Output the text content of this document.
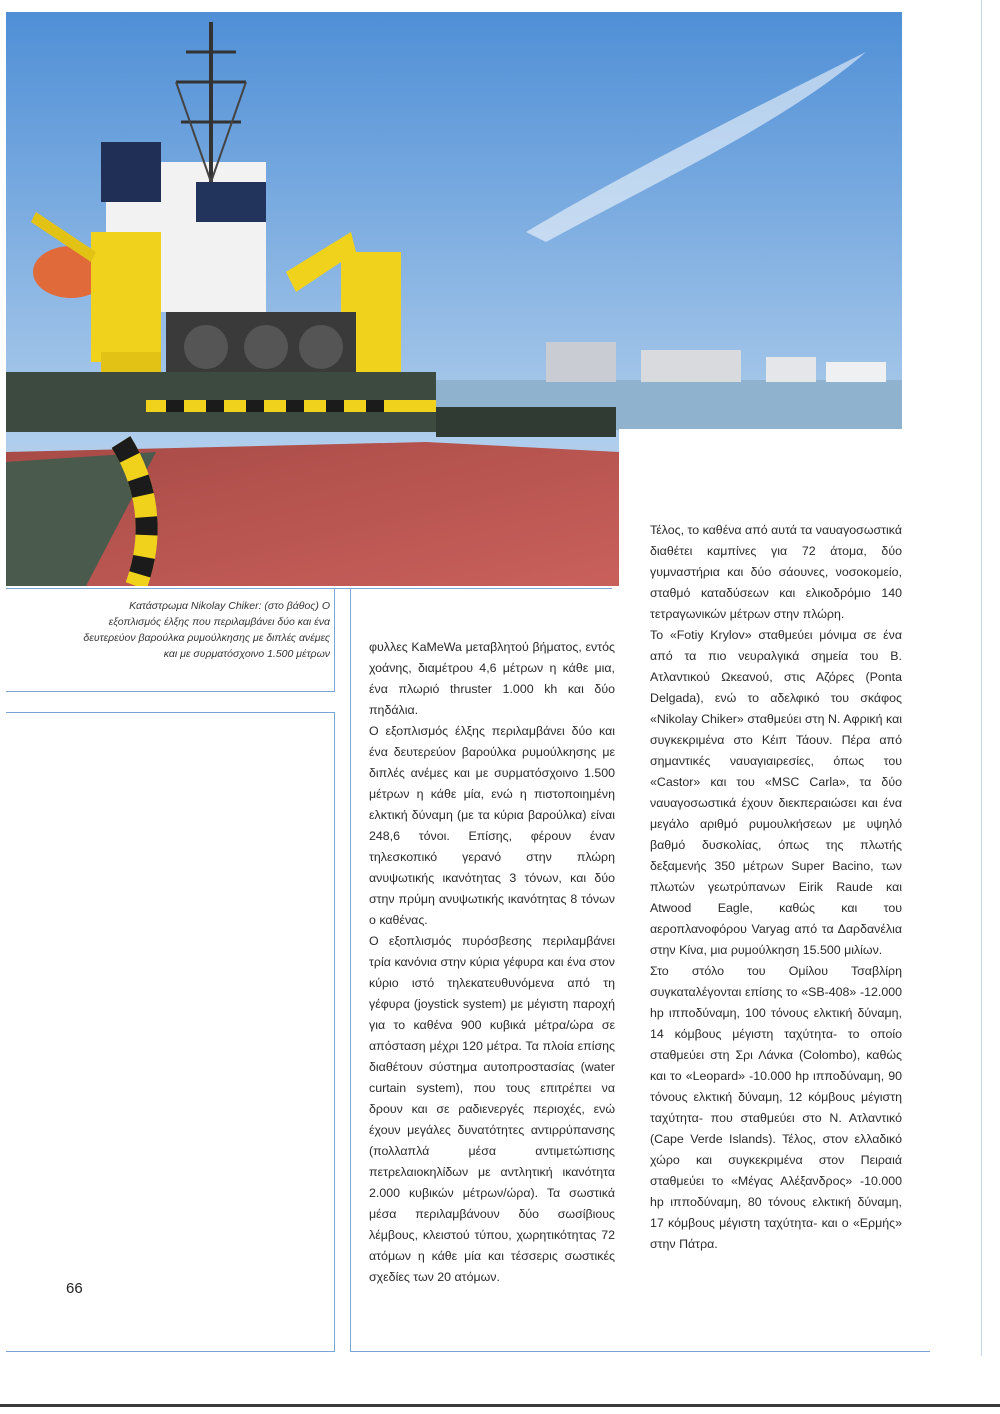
Κατάστρωμα Nikolay Chiker: (στο βάθος) Ο εξοπλισμός έλξης που περιλαμβάνει δύο και ένα δευτερεύον βαρούλκα ρυμούλκησης με διπλές ανέμες και με συρματόσχοινο 1.500 μέτρων	φυλλες KaMeWa μεταβλητού βήματος, εντός χοάνης, διαμέτρου 4,6 μέτρων η κάθε μια, ένα πλωριό thruster 1.000 kh και δύο πηδάλια.

Ο εξοπλισμός έλξης περιλαμβάνει δύο και ένα δευτερεύον βαρούλκα ρυμούλκησης με διπλές ανέμες και με συρματόσχοινο 1.500 μέτρων η κάθε μία, ενώ η πιστοποιημένη ελκτική δύναμη (με τα κύρια βαρούλκα) είναι 248,6 τόνοι. Επίσης, φέρουν έναν τηλεσκοπικό γερανό στην πλώρη ανυψωτικής ικανότητας 3 τόνων, και δύο στην πρύμη ανυψωτικής ικανότητας 8 τόνων ο καθένας.

Ο εξοπλισμός πυρόσβεσης περιλαμβάνει τρία κανόνια στην κύρια γέφυρα και ένα στον κύριο ιστό τηλεκατευθυνόμενα από τη γέφυρα (joystick system) με μέγιστη παροχή για το καθένα 900 κυβικά μέτρα/ώρα σε απόσταση μέχρι 120 μέτρα. Τα πλοία επίσης διαθέτουν σύστημα αυτοπροστασίας (water curtain system), που τους επιτρέπει να δρουν και σε ραδιενεργές περιοχές, ενώ έχουν μεγάλες δυνατότητες αντιρρύπανσης (πολλαπλά μέσα αντιμετώπισης πετρελαιοκηλίδων με αντλητική ικανότητα 2.000 κυβικών μέτρων/ώρα). Τα σωστικά μέσα περιλαμβάνουν δύο σωσίβιους λέμβους, κλειστού τύπου, χωρητικότητας 72 ατόμων η κάθε μία και τέσσερις σωστικές σχεδίες των 20 ατόμων.

Τέλος, το καθένα από αυτά τα ναυαγοσωστικά διαθέτει καμπίνες για 72 άτομα, δύο γυμναστήρια και δύο σάουνες, νοσοκομείο, σταθμό καταδύσεων και ελικοδρόμιο 140 τετραγωνικών μέτρων στην πλώρη.

Το «Fotiy Krylov» σταθμεύει μόνιμα σε ένα από τα πιο νευραλγικά σημεία του Β. Ατλαντικού Ωκεανού, στις Αζόρες (Ponta Delgada), ενώ το αδελφικό του σκάφος «Nikolay Chiker» σταθμεύει στη Ν. Αφρική και συγκεκριμένα στο Κέιπ Τάουν. Πέρα από σημαντικές ναυαγιαιρεσίες, όπως του «Castor» και του «MSC Carla», τα δύο ναυαγοσωστικά έχουν διεκπεραιώσει και ένα μεγάλο αριθμό ρυμουλκήσεων με υψηλό βαθμό δυσκολίας, όπως της πλωτής δεξαμενής 350 μέτρων Super Bacino, των πλωτών γεωτρύπανων Eirik Raude και Atwood Eagle, καθώς και του αεροπλανοφόρου Varyag από τα Δαρδανέλια στην Κίνα, μια ρυμούλκηση 15.500 μιλίων.

Στο στόλο του Ομίλου Τσαβλίρη συγκαταλέγονται επίσης το «SB-408» -12.000 hp ιπποδύναμη, 100 τόνους ελκτική δύναμη, 14 κόμβους μέγιστη ταχύτητα- το οποίο σταθμεύει στη Σρι Λάνκα (Colombo), καθώς και το «Leopard» -10.000 hp ιπποδύναμη, 90 τόνους ελκτική δύναμη, 12 κόμβους μέγιστη ταχύτητα- που σταθμεύει στο Ν. Ατλαντικό (Cape Verde Islands). Τέλος, στον ελλαδικό χώρο και συγκεκριμένα στον Πειραιά σταθμεύει το «Μέγας Αλέξανδρος» -10.000 hp ιπποδύναμη, 80 τόνους ελκτική δύναμη, 17 κόμβους μέγιστη ταχύτητα- και ο «Ερμής» στην Πάτρα.

66
